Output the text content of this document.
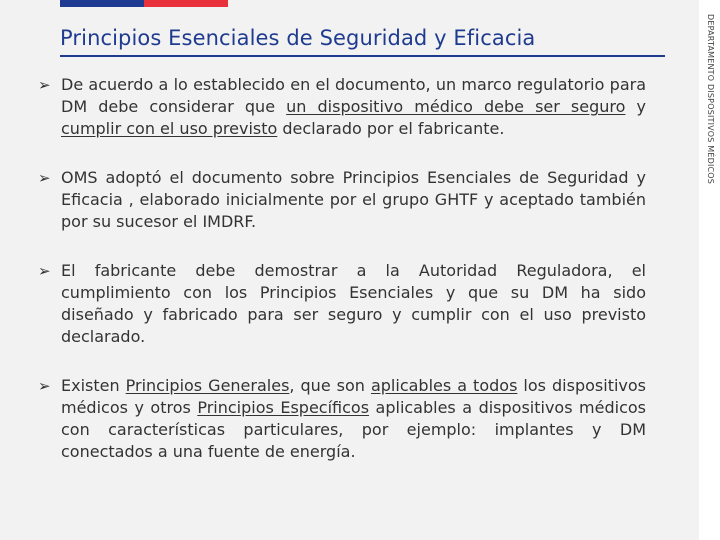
Principios Esenciales de Seguridad y Eficacia	DEPARTAMENTO DISPOSITIVOS MÉDICOS
➢ De acuerdo a lo establecido en el documento, un marco regulatorio para DM debe considerar que un dispositivo médico debe ser seguro y cumplir con el uso previsto declarado por el fabricante.

➢ OMS adoptó el documento sobre Principios Esenciales de Seguridad y Eficacia , elaborado inicialmente por el grupo GHTF y aceptado también por su sucesor el IMDRF.

➢ El fabricante debe demostrar a la Autoridad Reguladora, el cumplimiento con los Principios Esenciales y que su DM ha sido diseñado y fabricado para ser seguro y cumplir con el uso previsto declarado.

➢ Existen Principios Generales, que son aplicables a todos los dispositivos médicos y otros Principios Específicos aplicables a dispositivos médicos con características particulares, por ejemplo: implantes y DM conectados a una fuente de energía.
